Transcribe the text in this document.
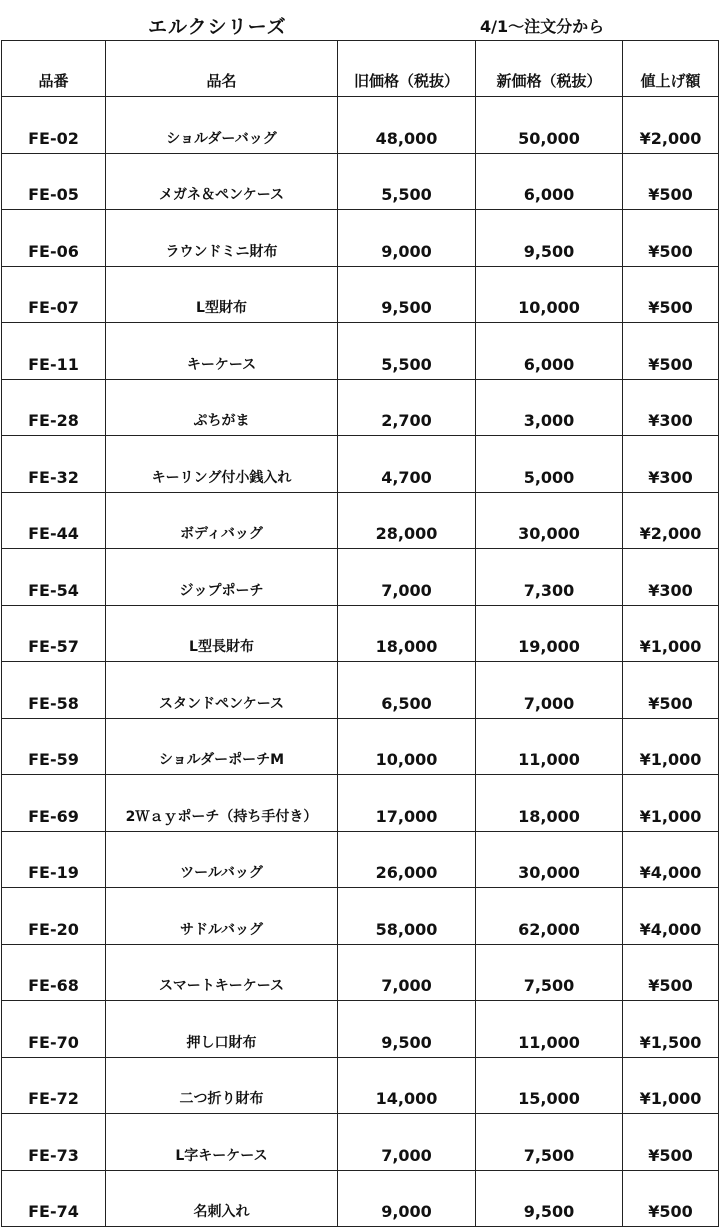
エルクシリーズ	4/1～注文分から
品番	品名	旧価格（税抜）	新価格（税抜）	値上げ額
FE-02	ショルダーバッグ	48,000	50,000	¥2,000
FE-05	メガネ＆ペンケース	5,500	6,000	¥500
FE-06	ラウンドミニ財布	9,000	9,500	¥500
FE-07	L型財布	9,500	10,000	¥500
FE-11	キーケース	5,500	6,000	¥500
FE-28	ぷちがま	2,700	3,000	¥300
FE-32	キーリング付小銭入れ	4,700	5,000	¥300
FE-44	ボディバッグ	28,000	30,000	¥2,000
FE-54	ジップポーチ	7,000	7,300	¥300
FE-57	L型長財布	18,000	19,000	¥1,000
FE-58	スタンドペンケース	6,500	7,000	¥500
FE-59	ショルダーポーチM	10,000	11,000	¥1,000
FE-69	2Ｗａｙポーチ（持ち手付き）	17,000	18,000	¥1,000
FE-19	ツールバッグ	26,000	30,000	¥4,000
FE-20	サドルバッグ	58,000	62,000	¥4,000
FE-68	スマートキーケース	7,000	7,500	¥500
FE-70	押し口財布	9,500	11,000	¥1,500
FE-72	二つ折り財布	14,000	15,000	¥1,000
FE-73	L字キーケース	7,000	7,500	¥500
FE-74	名刺入れ	9,000	9,500	¥500
